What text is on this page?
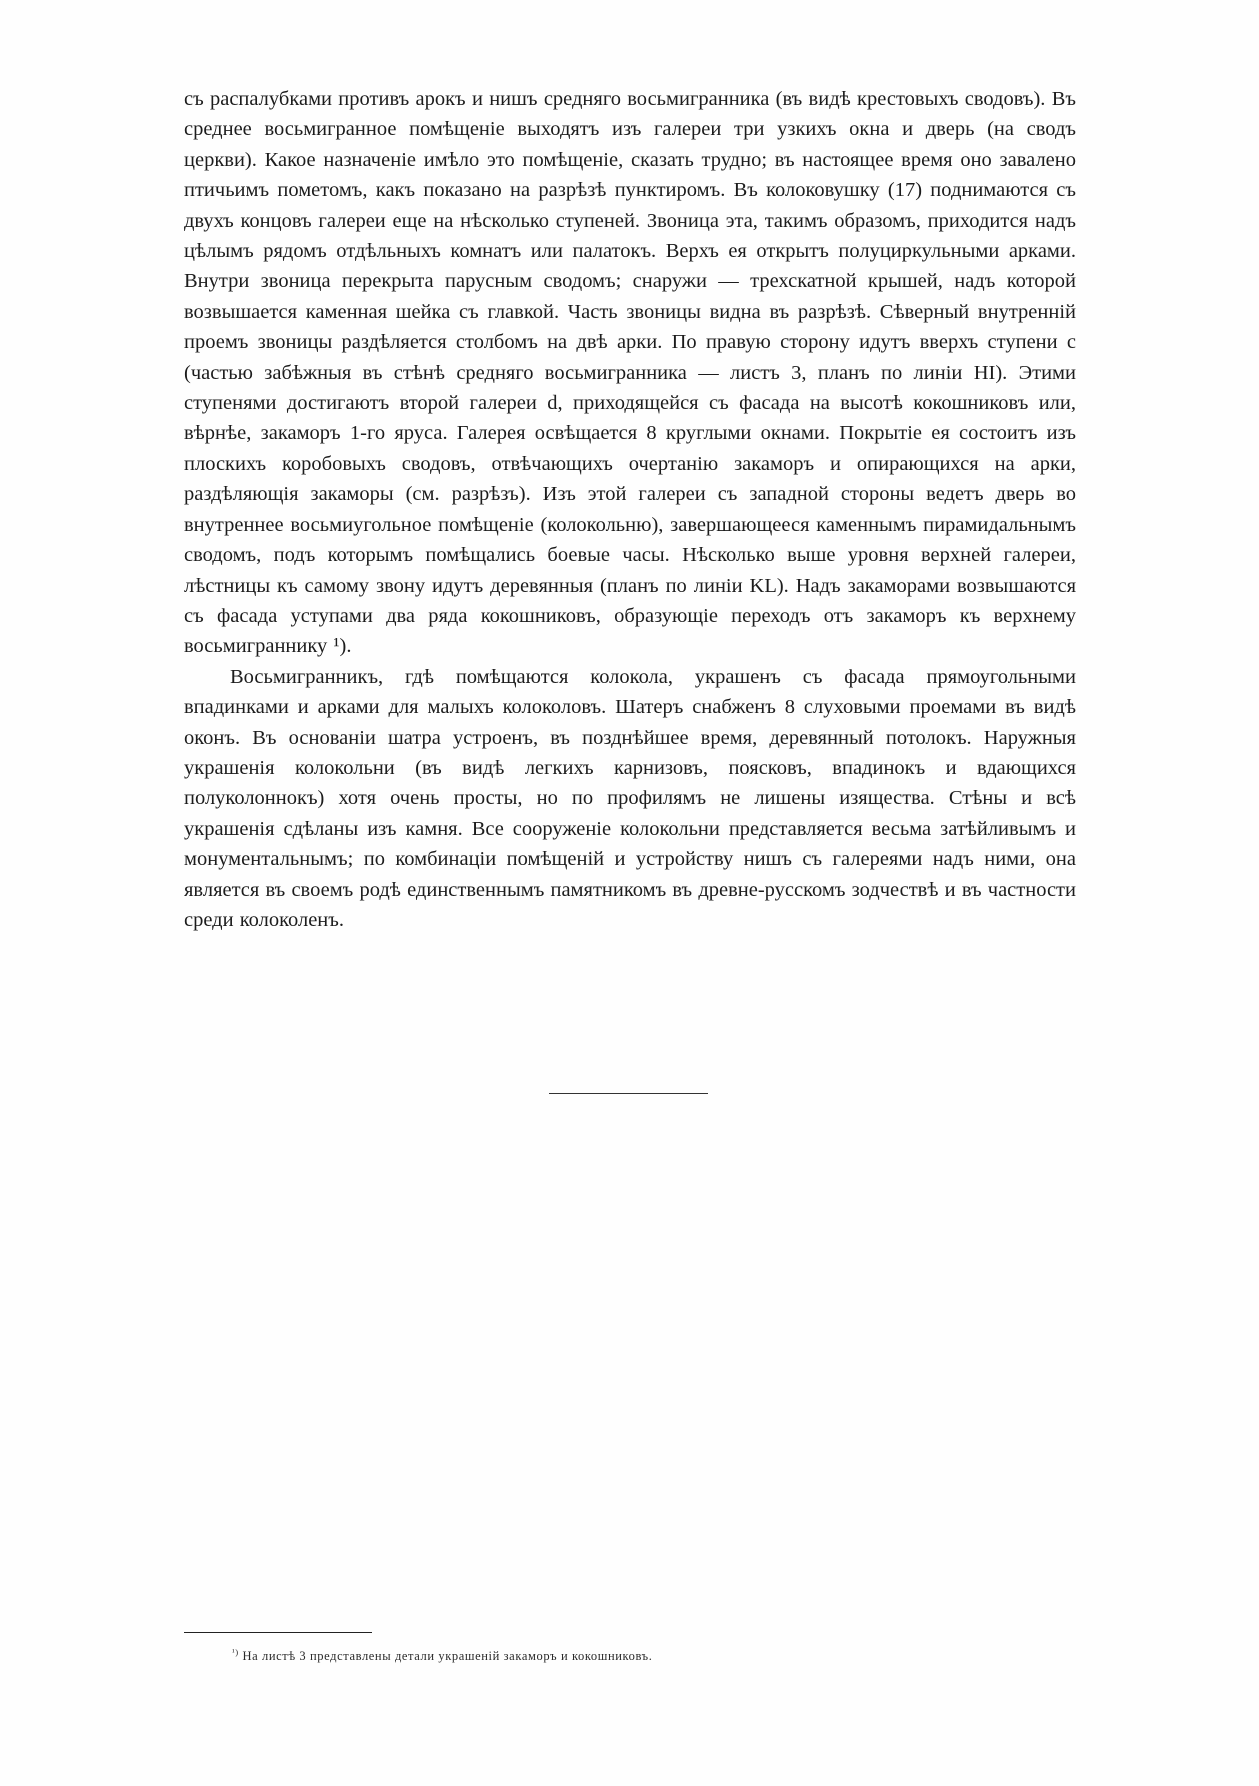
съ распалубками противъ арокъ и нишъ средняго восьмигранника (въ видѣ крестовыхъ сводовъ). Въ среднее восьмигранное помѣщенiе выходятъ изъ галереи три узкихъ окна и дверь (на сводъ церкви). Какое назначенiе имѣло это помѣщенiе, сказать трудно; въ настоящее время оно завалено птичьимъ пометомъ, какъ показано на разрѣзѣ пунктиромъ. Въ колоковушку (17) поднимаются съ двухъ концовъ галереи еще на нѣсколько ступеней. Звоница эта, такимъ образомъ, приходится надъ цѣлымъ рядомъ отдѣльныхъ комнатъ или палатокъ. Верхъ ея открытъ полуциркульными арками. Внутри звоница перекрыта парусным сводомъ; снаружи — трехскатной крышей, надъ которой возвышается каменная шейка съ главкой. Часть звоницы видна въ разрѣзѣ. Сѣверный внутреннiй проемъ звоницы раздѣляется столбомъ на двѣ арки. По правую сторону идутъ вверхъ ступени c (частью забѣжныя въ стѣнѣ средняго восьмигранника — листъ 3, планъ по линiи HI). Этими ступенями достигаютъ второй галереи d, приходящейся съ фасада на высотѣ кокошниковъ или, вѣрнѣе, закаморъ 1-го яруса. Галерея освѣщается 8 круглыми окнами. Покрытiе ея состоитъ изъ плоскихъ коробовыхъ сводовъ, отвѣчающихъ очертанiю закаморъ и опирающихся на арки, раздѣляющiя закаморы (см. разрѣзъ). Изъ этой галереи съ западной стороны ведетъ дверь во внутреннее восьмиугольное помѣщенiе (колокольню), завершающееся каменнымъ пирамидальнымъ сводомъ, подъ которымъ помѣщались боевые часы. Нѣсколько выше уровня верхней галереи, лѣстницы къ самому звону идутъ деревянныя (планъ по линiи KL). Надъ закаморами возвышаются съ фасада уступами два ряда кокошниковъ, образующiе переходъ отъ закаморъ къ верхнему восьмиграннику ¹).

Восьмигранникъ, гдѣ помѣщаются колокола, украшенъ съ фасада прямоугольными впадинками и арками для малыхъ колоколовъ. Шатеръ снабженъ 8 слуховыми проемами въ видѣ оконъ. Въ основанiи шатра устроенъ, въ позднѣйшее время, деревянный потолокъ. Наружныя украшенiя колокольни (въ видѣ легкихъ карнизовъ, поясковъ, впадинокъ и вдающихся полуколоннокъ) хотя очень просты, но по профилямъ не лишены изящества. Стѣны и всѣ украшенiя сдѣланы изъ камня. Все сооруженiе колокольни представляется весьма затѣйливымъ и монументальнымъ; по комбинацiи помѣщенiй и устройству нишъ съ галереями надъ ними, она является въ своемъ родѣ единственнымъ памятникомъ въ древне-русскомъ зодчествѣ и въ частности среди колоколенъ.

$^{^1)}$ На листѣ 3 представлены детали украшенiй закаморъ и кокошниковъ.
